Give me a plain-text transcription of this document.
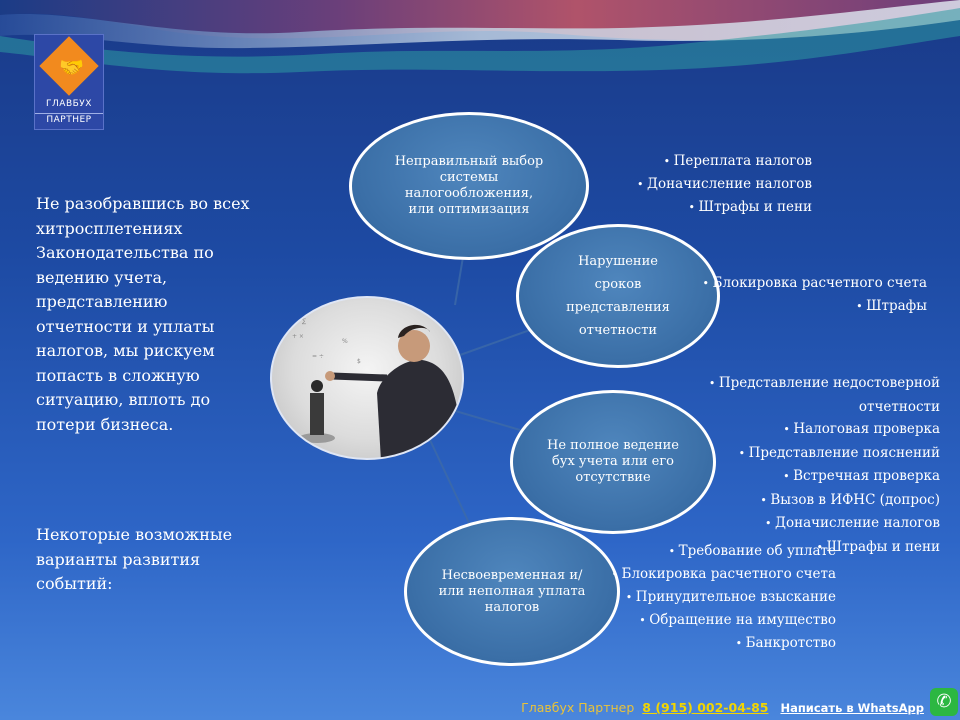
🤝
ГЛАВБУХ
ПАРТНЕР
Не разобравшись во всех хитросплетениях Законодательства по ведению учета, представлению отчетности и уплаты налогов, мы рискуем попасть в сложную ситуацию, вплоть до потери бизнеса.
Некоторые возможные варианты развития событий:
+ ×
= ÷
%
∑
$
Неправильный выбор системы налогообложения, или оптимизация
Нарушение сроков представления отчетности
Не полное ведение бух учета или его отсутствие
Несвоевременная и/или неполная уплата налогов
• Переплата налогов
• Доначисление налогов
• Штрафы и пени
• Блокировка расчетного счета
• Штрафы
• Представление недостоверной отчетности
• Налоговая проверка
• Представление пояснений
• Встречная проверка
• Вызов в ИФНС (допрос)
• Доначисление налогов
• Штрафы и пени
• Требование об уплате
• Блокировка расчетного счета
• Принудительное взыскание
• Обращение на имущество
• Банкротство
Главбух Партнер 8 (915) 002-04-85 Написать в WhatsApp ✆
